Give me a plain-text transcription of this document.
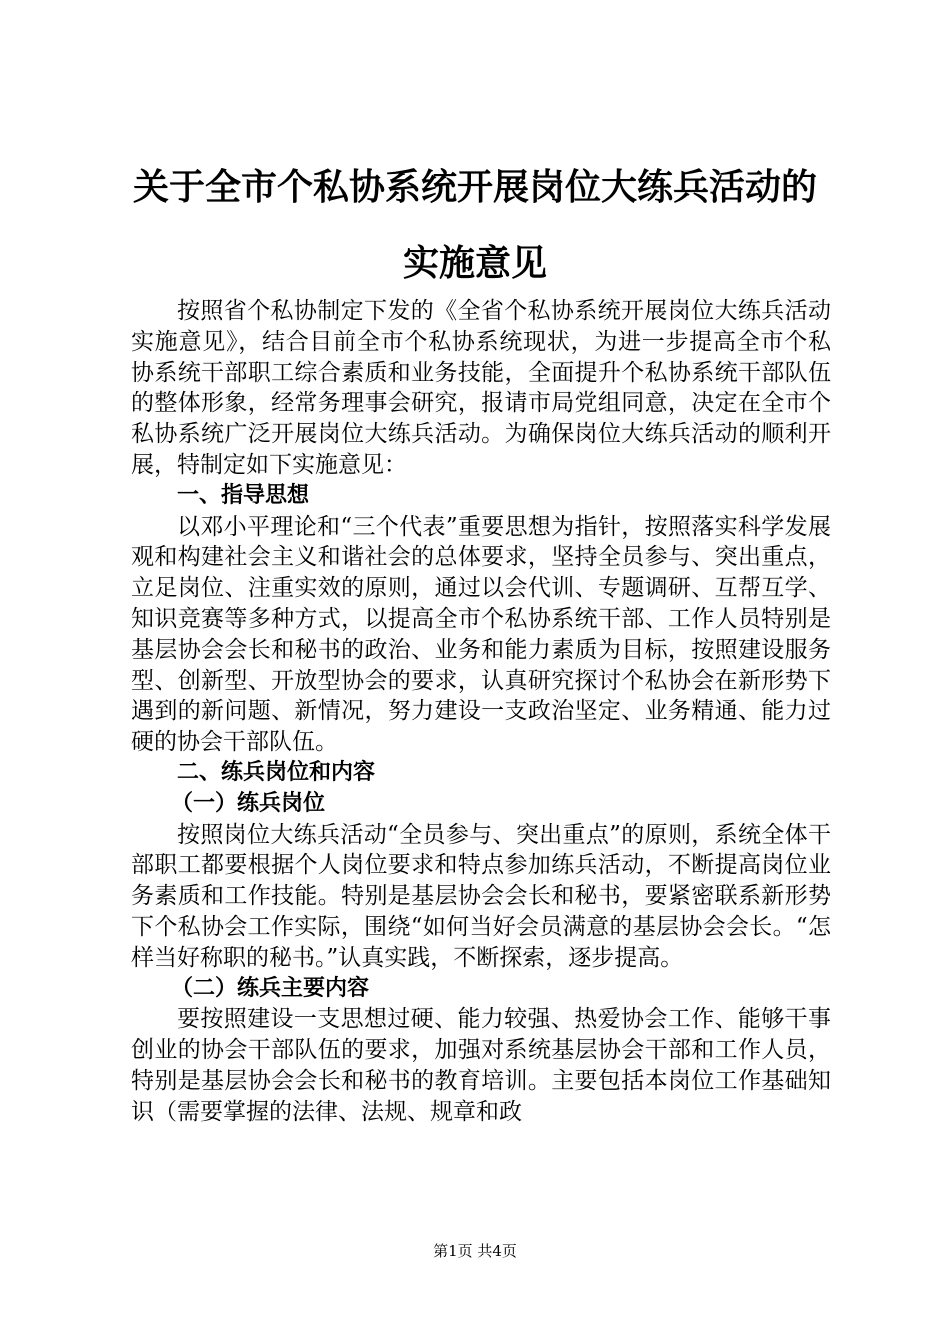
关于全市个私协系统开展岗位大练兵活动的实施意见

按照省个私协制定下发的《全省个私协系统开展岗位大练兵活动实施意见》，结合目前全市个私协系统现状，为进一步提高全市个私协系统干部职工综合素质和业务技能，全面提升个私协系统干部队伍的整体形象，经常务理事会研究，报请市局党组同意，决定在全市个私协系统广泛开展岗位大练兵活动。为确保岗位大练兵活动的顺利开展，特制定如下实施意见：

一、指导思想

以邓小平理论和“三个代表”重要思想为指针，按照落实科学发展观和构建社会主义和谐社会的总体要求，坚持全员参与、突出重点，立足岗位、注重实效的原则，通过以会代训、专题调研、互帮互学、知识竞赛等多种方式，以提高全市个私协系统干部、工作人员特别是基层协会会长和秘书的政治、业务和能力素质为目标，按照建设服务型、创新型、开放型协会的要求，认真研究探讨个私协会在新形势下遇到的新问题、新情况，努力建设一支政治坚定、业务精通、能力过硬的协会干部队伍。

二、练兵岗位和内容

（一）练兵岗位

按照岗位大练兵活动“全员参与、突出重点”的原则，系统全体干部职工都要根据个人岗位要求和特点参加练兵活动，不断提高岗位业务素质和工作技能。特别是基层协会会长和秘书，要紧密联系新形势下个私协会工作实际，围绕“如何当好会员满意的基层协会会长。“怎样当好称职的秘书。”认真实践，不断探索，逐步提高。

（二）练兵主要内容

要按照建设一支思想过硬、能力较强、热爱协会工作、能够干事创业的协会干部队伍的要求，加强对系统基层协会干部和工作人员，特别是基层协会会长和秘书的教育培训。主要包括本岗位工作基础知识（需要掌握的法律、法规、规章和政

第1页 共4页
